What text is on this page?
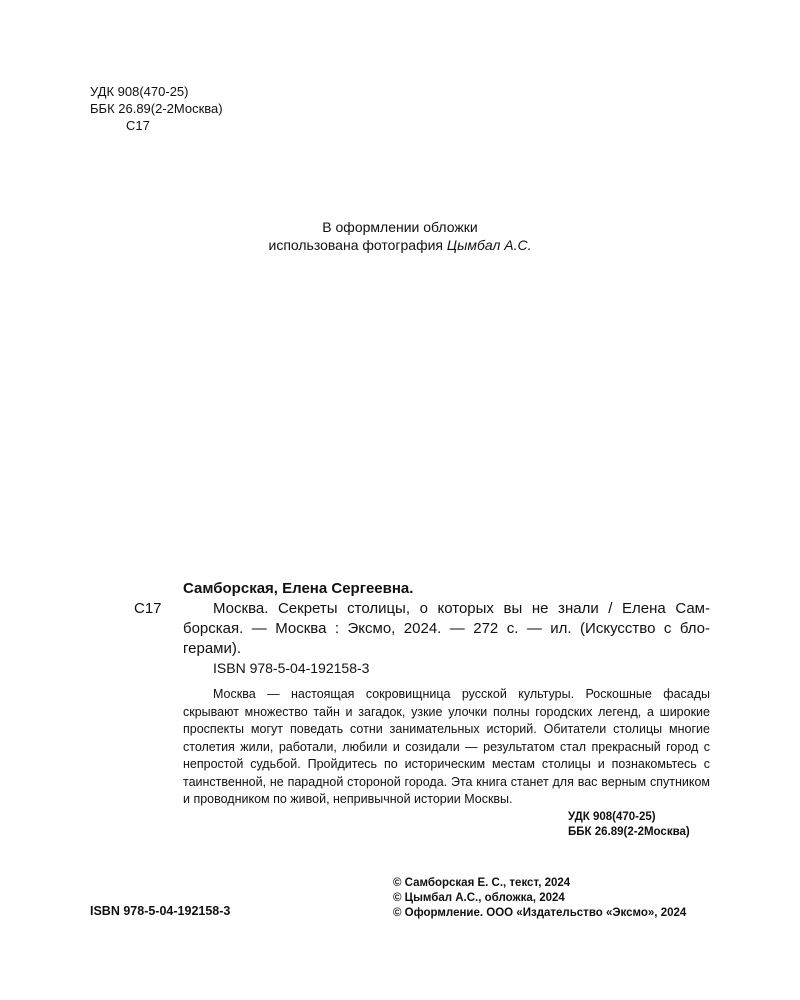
УДК 908(470-25)
ББК 26.89(2-2Москва)
С17
В оформлении обложки
использована фотография Цымбал А.С.
Самборская, Елена Сергеевна.
С17	Москва. Секреты столицы, о которых вы не знали / Елена Сам-
борская. — Москва : Эксмо, 2024. — 272 с. — ил. (Искусство с бло-герами).
ISBN 978-5-04-192158-3
Москва — настоящая сокровищница русской культуры. Роскошные фасады скрывают множество тайн и загадок, узкие улочки полны городских легенд, а широкие проспекты могут поведать сотни занимательных историй. Обитатели столицы многие столетия жили, работали, любили и созидали — результатом стал прекрасный город с непростой судьбой. Пройдитесь по историческим местам столицы и познакомьтесь с таинственной, не парадной стороной города. Эта книга станет для вас верным спутником и проводником по живой, непривычной истории Москвы.
УДК 908(470-25)
ББК 26.89(2-2Москва)
© Самборская Е. С., текст, 2024
© Цымбал А.С., обложка, 2024
© Оформление. ООО «Издательство «Эксмо», 2024
ISBN 978-5-04-192158-3
